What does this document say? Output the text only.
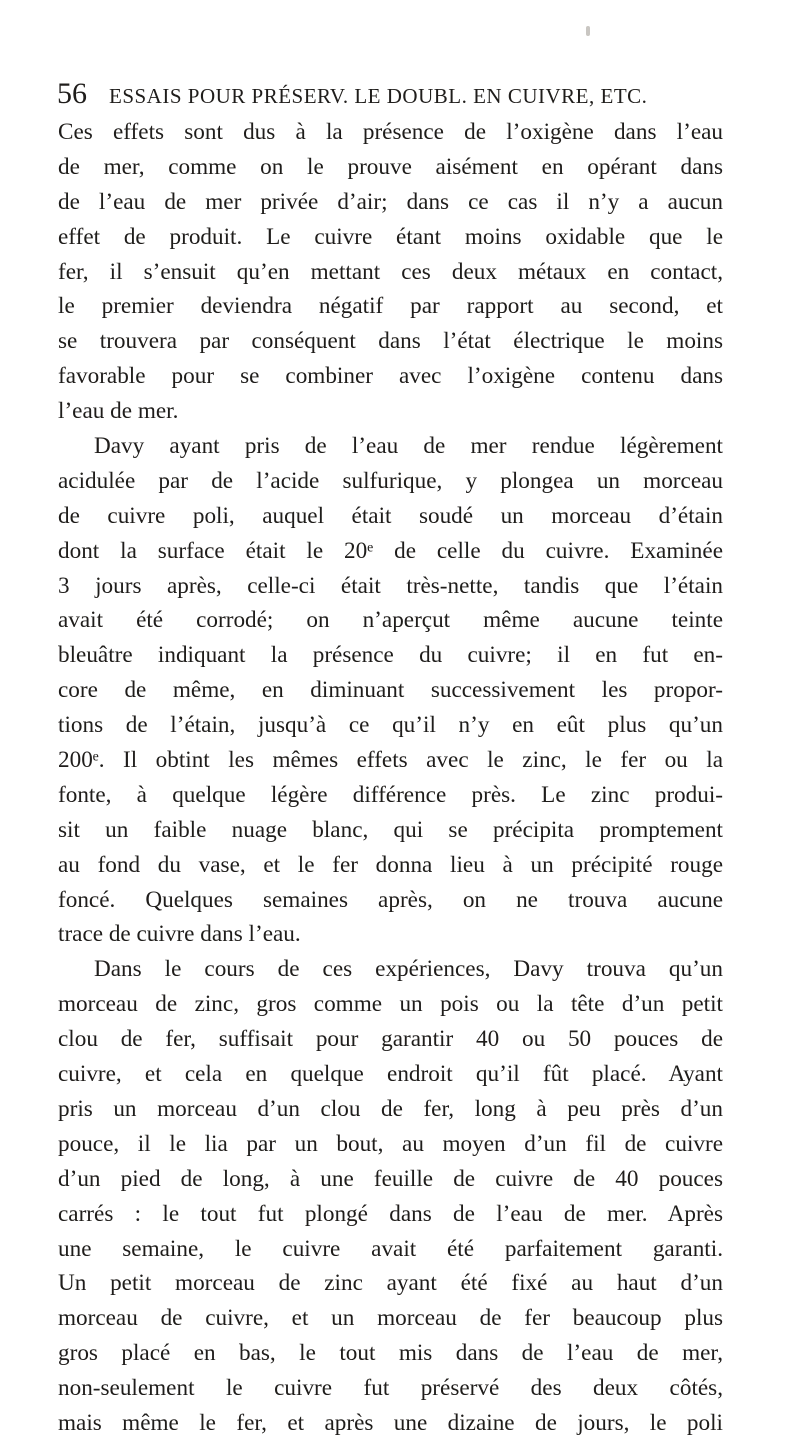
56 ESSAIS POUR PRÉSERV. LE DOUBL. EN CUIVRE, ETC.
Ces effets sont dus à la présence de l’oxigène dans l’eau
de mer, comme on le prouve aisément en opérant dans
de l’eau de mer privée d’air; dans ce cas il n’y a aucun
effet de produit. Le cuivre étant moins oxidable que le
fer, il s’ensuit qu’en mettant ces deux métaux en contact,
le premier deviendra négatif par rapport au second, et
se trouvera par conséquent dans l’état électrique le moins
favorable pour se combiner avec l’oxigène contenu dans
l’eau de mer.
Davy ayant pris de l’eau de mer rendue légèrement
acidulée par de l’acide sulfurique, y plongea un morceau
de cuivre poli, auquel était soudé un morceau d’étain
dont la surface était le 20ᵉ de celle du cuivre. Examinée
3 jours après, celle-ci était très-nette, tandis que l’étain
avait été corrodé; on n’aperçut même aucune teinte
bleuâtre indiquant la présence du cuivre; il en fut en-
core de même, en diminuant successivement les propor-
tions de l’étain, jusqu’à ce qu’il n’y en eût plus qu’un
200ᵉ. Il obtint les mêmes effets avec le zinc, le fer ou la
fonte, à quelque légère différence près. Le zinc produi-
sit un faible nuage blanc, qui se précipita promptement
au fond du vase, et le fer donna lieu à un précipité rouge
foncé. Quelques semaines après, on ne trouva aucune
trace de cuivre dans l’eau.
Dans le cours de ces expériences, Davy trouva qu’un
morceau de zinc, gros comme un pois ou la tête d’un petit
clou de fer, suffisait pour garantir 40 ou 50 pouces de
cuivre, et cela en quelque endroit qu’il fût placé. Ayant
pris un morceau d’un clou de fer, long à peu près d’un
pouce, il le lia par un bout, au moyen d’un fil de cuivre
d’un pied de long, à une feuille de cuivre de 40 pouces
carrés : le tout fut plongé dans de l’eau de mer. Après
une semaine, le cuivre avait été parfaitement garanti.
Un petit morceau de zinc ayant été fixé au haut d’un
morceau de cuivre, et un morceau de fer beaucoup plus
gros placé en bas, le tout mis dans de l’eau de mer,
non-seulement le cuivre fut préservé des deux côtés,
mais même le fer, et après une dizaine de jours, le poli
